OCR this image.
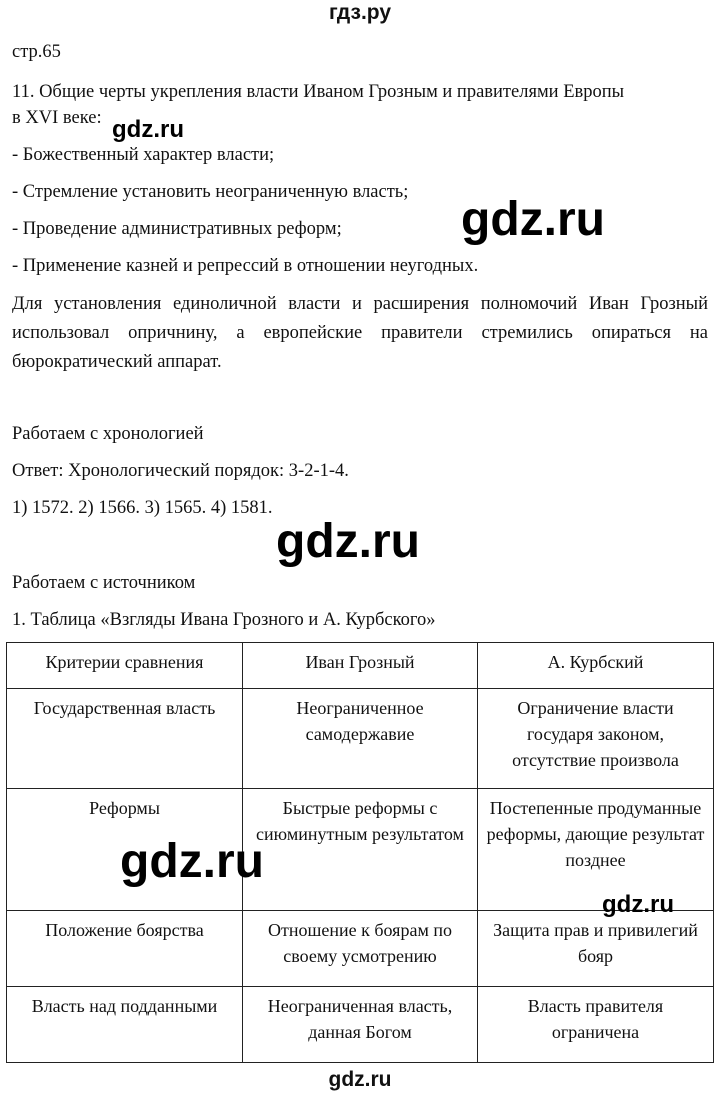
гдз.ру
стр.65
11. Общие черты укрепления власти Иваном Грозным и правителями Европы
в XVI веке:
- Божественный характер власти;
- Стремление установить неограниченную власть;
- Проведение административных реформ;
- Применение казней и репрессий в отношении неугодных.
Для установления единоличной власти и расширения полномочий Иван Грозный использовал опричнину, а европейские правители стремились опираться на бюрократический аппарат.
Работаем с хронологией
Ответ: Хронологический порядок: 3-2-1-4.
1) 1572. 2) 1566. 3) 1565. 4) 1581.
Работаем с источником
1. Таблица «Взгляды Ивана Грозного и А. Курбского»
Критерии сравнения	Иван Грозный	А. Курбский
Государственная власть	Неограниченное самодержавие	Ограничение власти государя законом, отсутствие произвола
Реформы	Быстрые реформы с сиюминутным результатом	Постепенные продуманные реформы, дающие результат позднее
Положение боярства	Отношение к боярам по своему усмотрению	Защита прав и привилегий бояр
Власть над подданными	Неограниченная власть, данная Богом	Власть правителя ограничена
gdz.ru
gdz.ru
gdz.ru
gdz.ru
gdz.ru
gdz.ru
